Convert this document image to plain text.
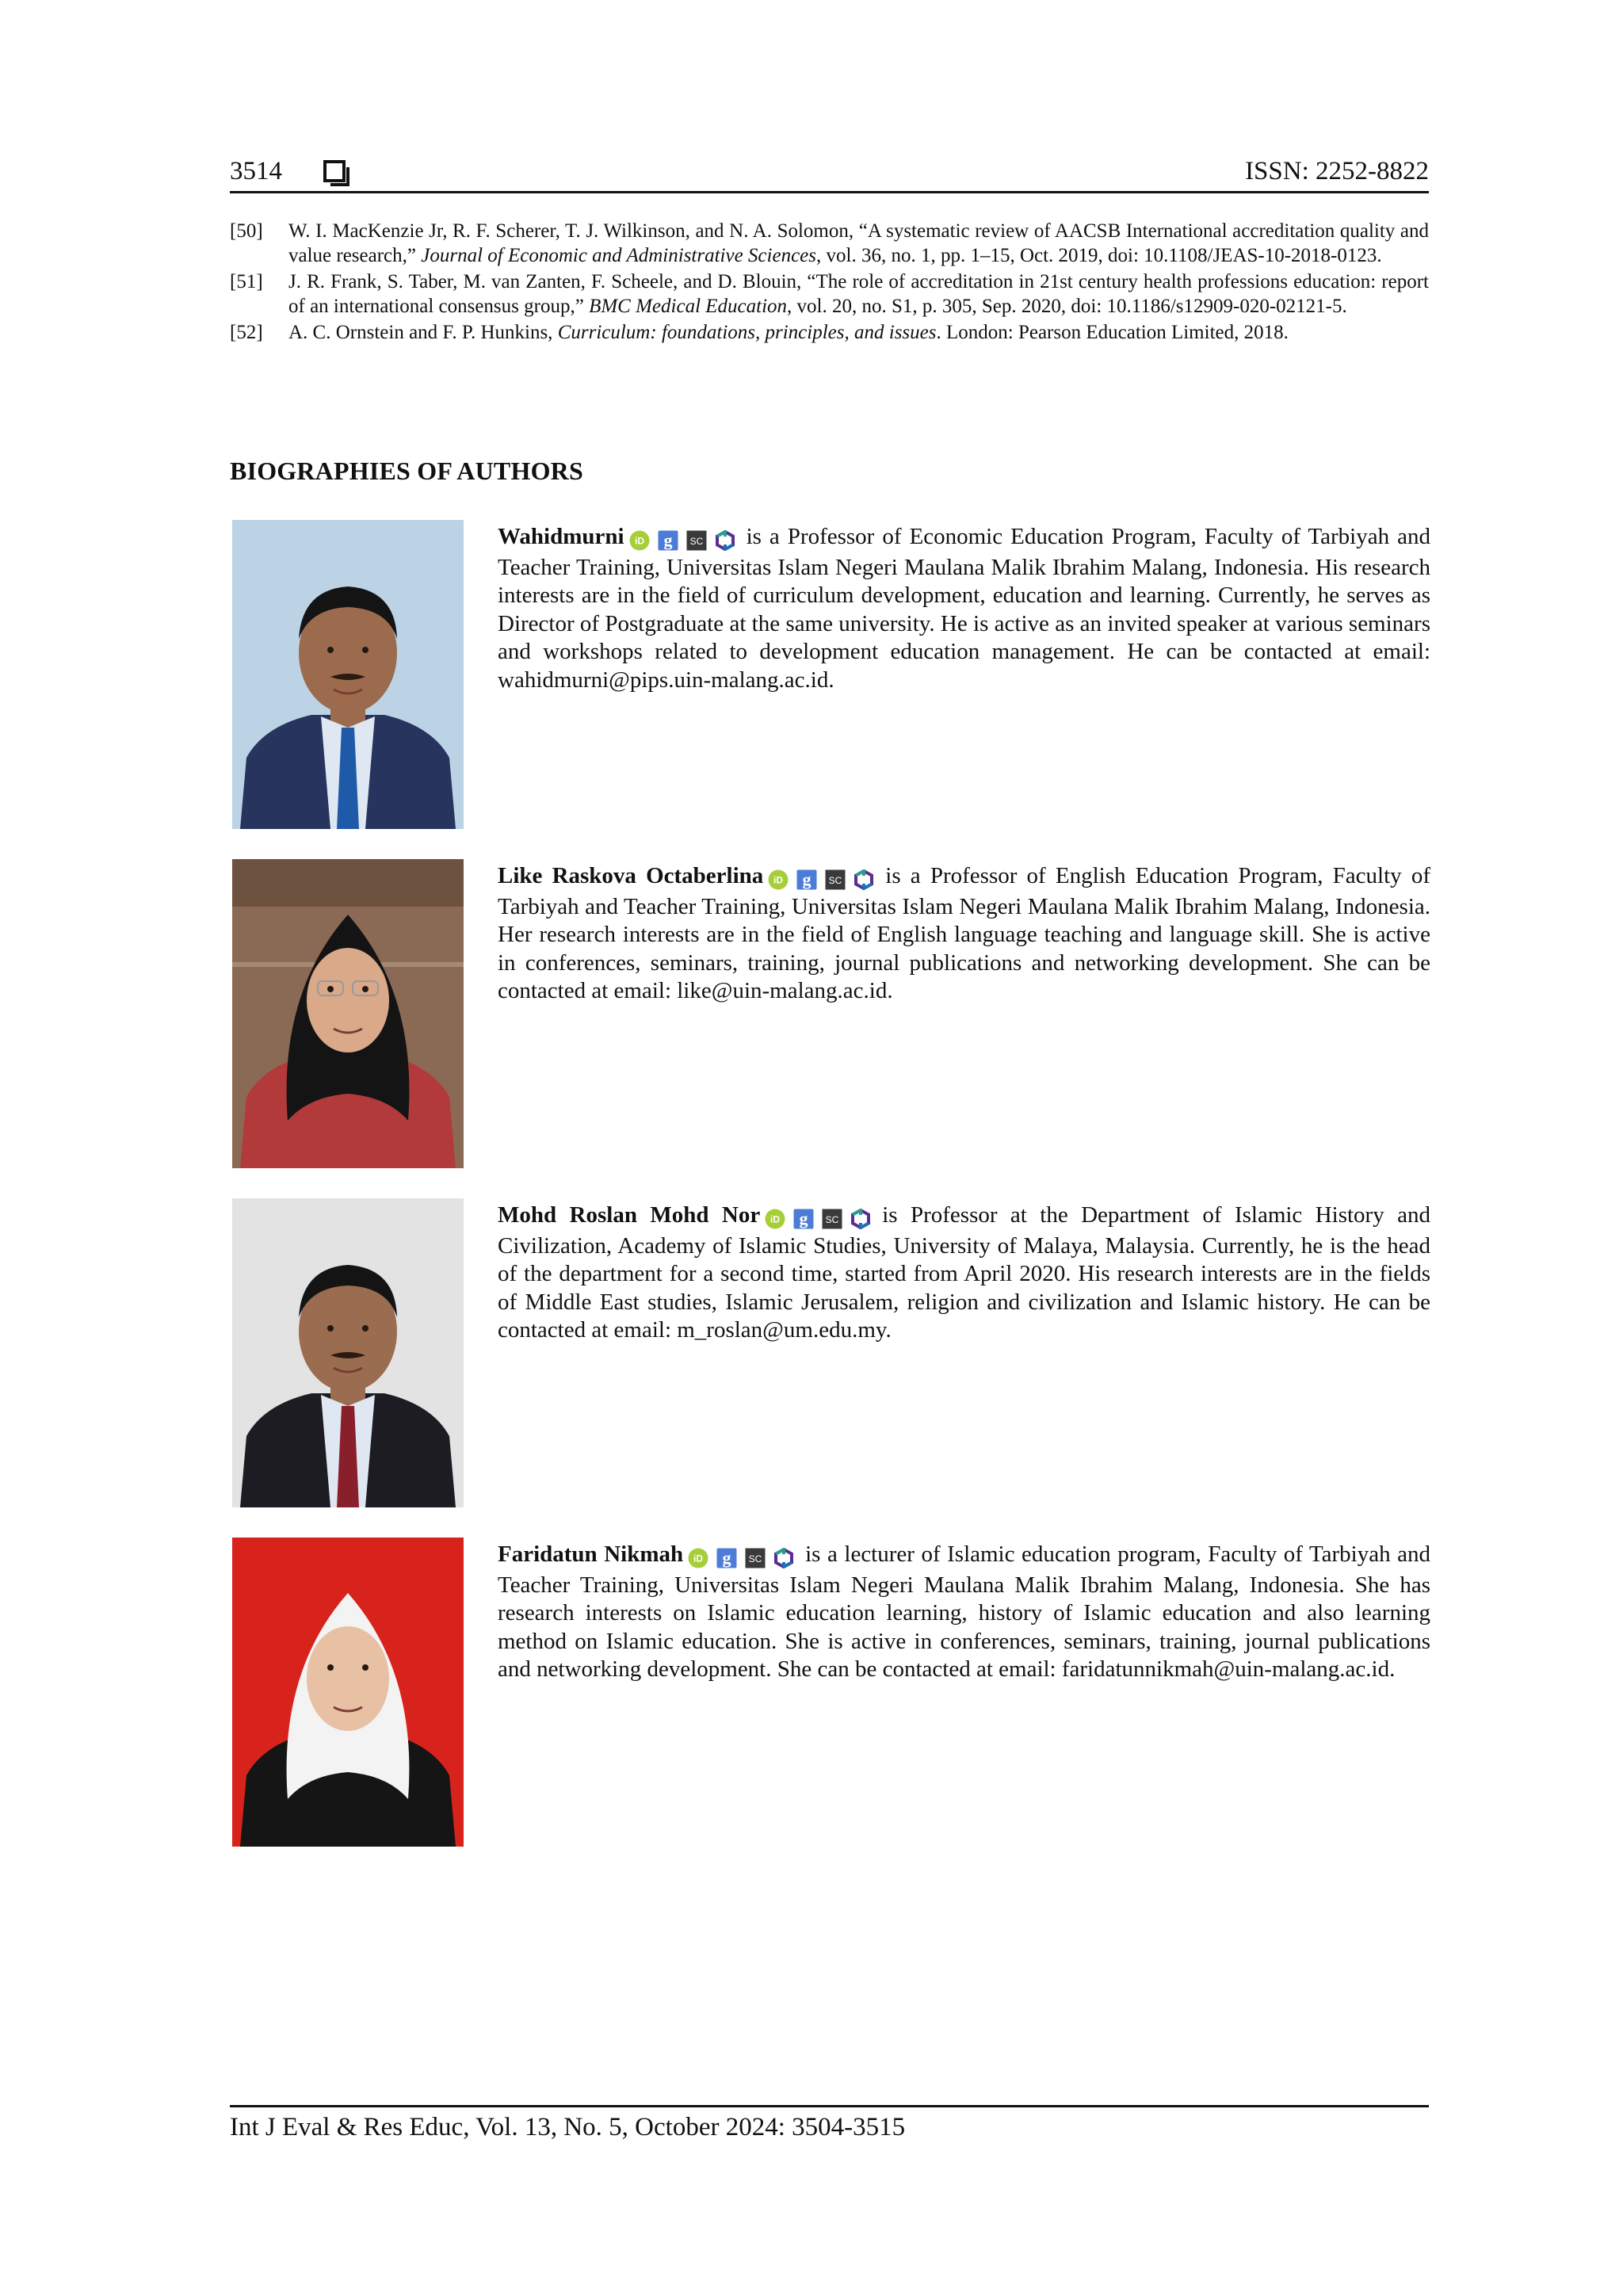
3514	ISSN: 2252-8822
[50] W. I. MacKenzie Jr, R. F. Scherer, T. J. Wilkinson, and N. A. Solomon, “A systematic review of AACSB International accreditation quality and value research,” Journal of Economic and Administrative Sciences, vol. 36, no. 1, pp. 1–15, Oct. 2019, doi: 10.1108/JEAS-10-2018-0123.
[51] J. R. Frank, S. Taber, M. van Zanten, F. Scheele, and D. Blouin, “The role of accreditation in 21st century health professions education: report of an international consensus group,” BMC Medical Education, vol. 20, no. S1, p. 305, Sep. 2020, doi: 10.1186/s12909-020-02121-5.
[52] A. C. Ornstein and F. P. Hunkins, Curriculum: foundations, principles, and issues. London: Pearson Education Limited, 2018.
BIOGRAPHIES OF AUTHORS
Wahidmurni iD g SC is a Professor of Economic Education Program, Faculty of Tarbiyah and Teacher Training, Universitas Islam Negeri Maulana Malik Ibrahim Malang, Indonesia. His research interests are in the field of curriculum development, education and learning. Currently, he serves as Director of Postgraduate at the same university. He is active as an invited speaker at various seminars and workshops related to development education management. He can be contacted at email: wahidmurni@pips.uin-malang.ac.id.
Like Raskova Octaberlina iD g SC is a Professor of English Education Program, Faculty of Tarbiyah and Teacher Training, Universitas Islam Negeri Maulana Malik Ibrahim Malang, Indonesia. Her research interests are in the field of English language teaching and language skill. She is active in conferences, seminars, training, journal publications and networking development. She can be contacted at email: like@uin-malang.ac.id.
Mohd Roslan Mohd Nor iD g SC is Professor at the Department of Islamic History and Civilization, Academy of Islamic Studies, University of Malaya, Malaysia. Currently, he is the head of the department for a second time, started from April 2020. His research interests are in the fields of Middle East studies, Islamic Jerusalem, religion and civilization and Islamic history. He can be contacted at email: m_roslan@um.edu.my.
Faridatun Nikmah iD g SC is a lecturer of Islamic education program, Faculty of Tarbiyah and Teacher Training, Universitas Islam Negeri Maulana Malik Ibrahim Malang, Indonesia. She has research interests on Islamic education learning, history of Islamic education and also learning method on Islamic education. She is active in conferences, seminars, training, journal publications and networking development. She can be contacted at email: faridatunnikmah@uin-malang.ac.id.
Int J Eval & Res Educ, Vol. 13, No. 5, October 2024: 3504-3515
